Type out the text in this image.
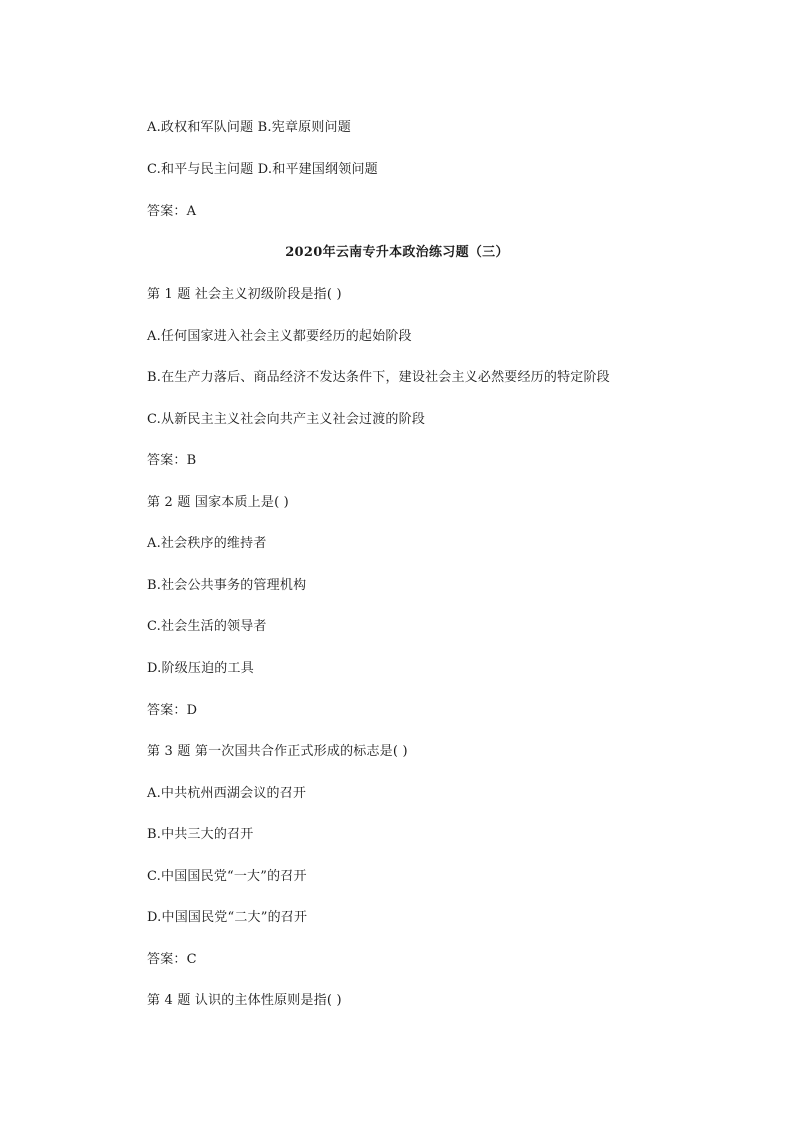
A.政权和军队问题 B.宪章原则问题
C.和平与民主问题 D.和平建国纲领问题
答案：A
2020年云南专升本政治练习题（三）
第 1 题 社会主义初级阶段是指( )
A.任何国家进入社会主义都要经历的起始阶段
B.在生产力落后、商品经济不发达条件下，建设社会主义必然要经历的特定阶段
C.从新民主主义社会向共产主义社会过渡的阶段
答案：B
第 2 题 国家本质上是( )
A.社会秩序的维持者
B.社会公共事务的管理机构
C.社会生活的领导者
D.阶级压迫的工具
答案：D
第 3 题 第一次国共合作正式形成的标志是( )
A.中共杭州西湖会议的召开
B.中共三大的召开
C.中国国民党“一大”的召开
D.中国国民党“二大”的召开
答案：C
第 4 题 认识的主体性原则是指( )
